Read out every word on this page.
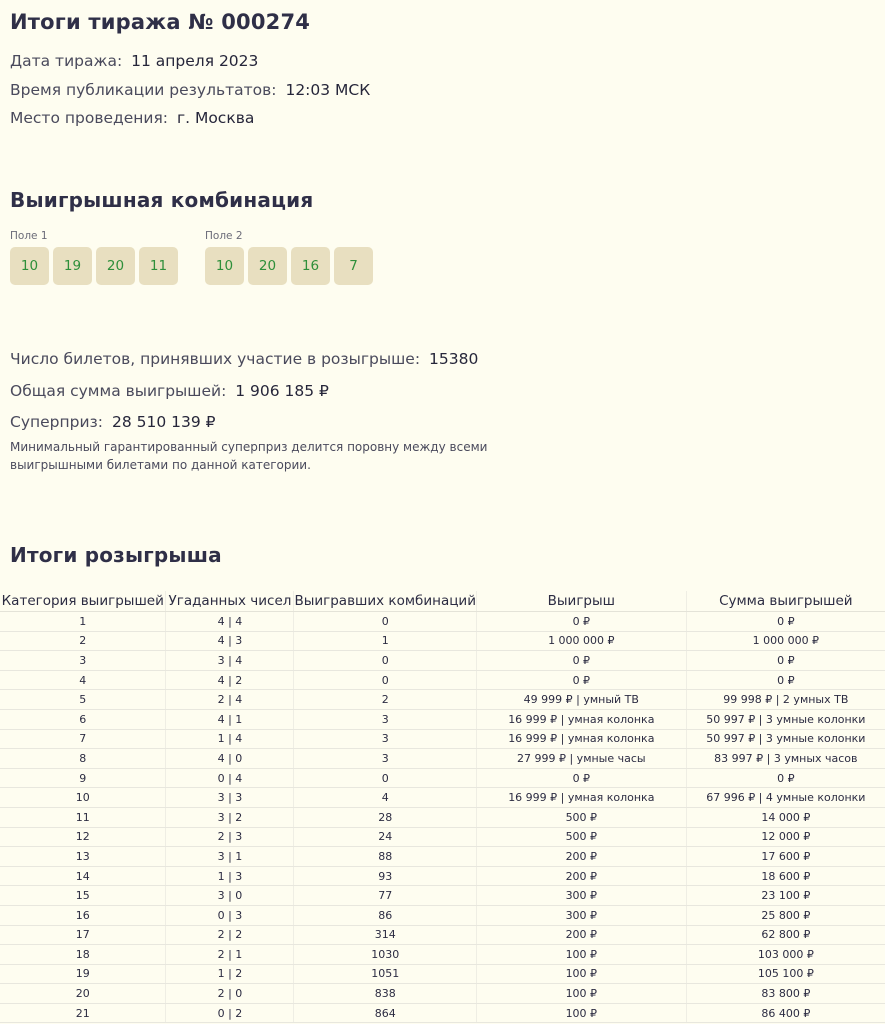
Итоги тиража № 000274
Дата тиража: 11 апреля 2023
Время публикации результатов: 12:03 МСК
Место проведения: г. Москва
Выигрышная комбинация
Поле 1
10	19	20	11
Поле 2
10	20	16	7
Число билетов, принявших участие в розыгрыше: 15380
Общая сумма выигрышей: 1 906 185 ₽
Суперприз: 28 510 139 ₽
Минимальный гарантированный суперприз делится поровну между всеми выигрышными билетами по данной категории.
Итоги розыгрыша
Категория выигрышей	Угаданных чисел	Выигравших комбинаций	Выигрыш	Сумма выигрышей
1	4 | 4	0	0 ₽	0 ₽
2	4 | 3	1	1 000 000 ₽	1 000 000 ₽
3	3 | 4	0	0 ₽	0 ₽
4	4 | 2	0	0 ₽	0 ₽
5	2 | 4	2	49 999 ₽ | умный ТВ	99 998 ₽ | 2 умных ТВ
6	4 | 1	3	16 999 ₽ | умная колонка	50 997 ₽ | 3 умные колонки
7	1 | 4	3	16 999 ₽ | умная колонка	50 997 ₽ | 3 умные колонки
8	4 | 0	3	27 999 ₽ | умные часы	83 997 ₽ | 3 умных часов
9	0 | 4	0	0 ₽	0 ₽
10	3 | 3	4	16 999 ₽ | умная колонка	67 996 ₽ | 4 умные колонки
11	3 | 2	28	500 ₽	14 000 ₽
12	2 | 3	24	500 ₽	12 000 ₽
13	3 | 1	88	200 ₽	17 600 ₽
14	1 | 3	93	200 ₽	18 600 ₽
15	3 | 0	77	300 ₽	23 100 ₽
16	0 | 3	86	300 ₽	25 800 ₽
17	2 | 2	314	200 ₽	62 800 ₽
18	2 | 1	1030	100 ₽	103 000 ₽
19	1 | 2	1051	100 ₽	105 100 ₽
20	2 | 0	838	100 ₽	83 800 ₽
21	0 | 2	864	100 ₽	86 400 ₽
